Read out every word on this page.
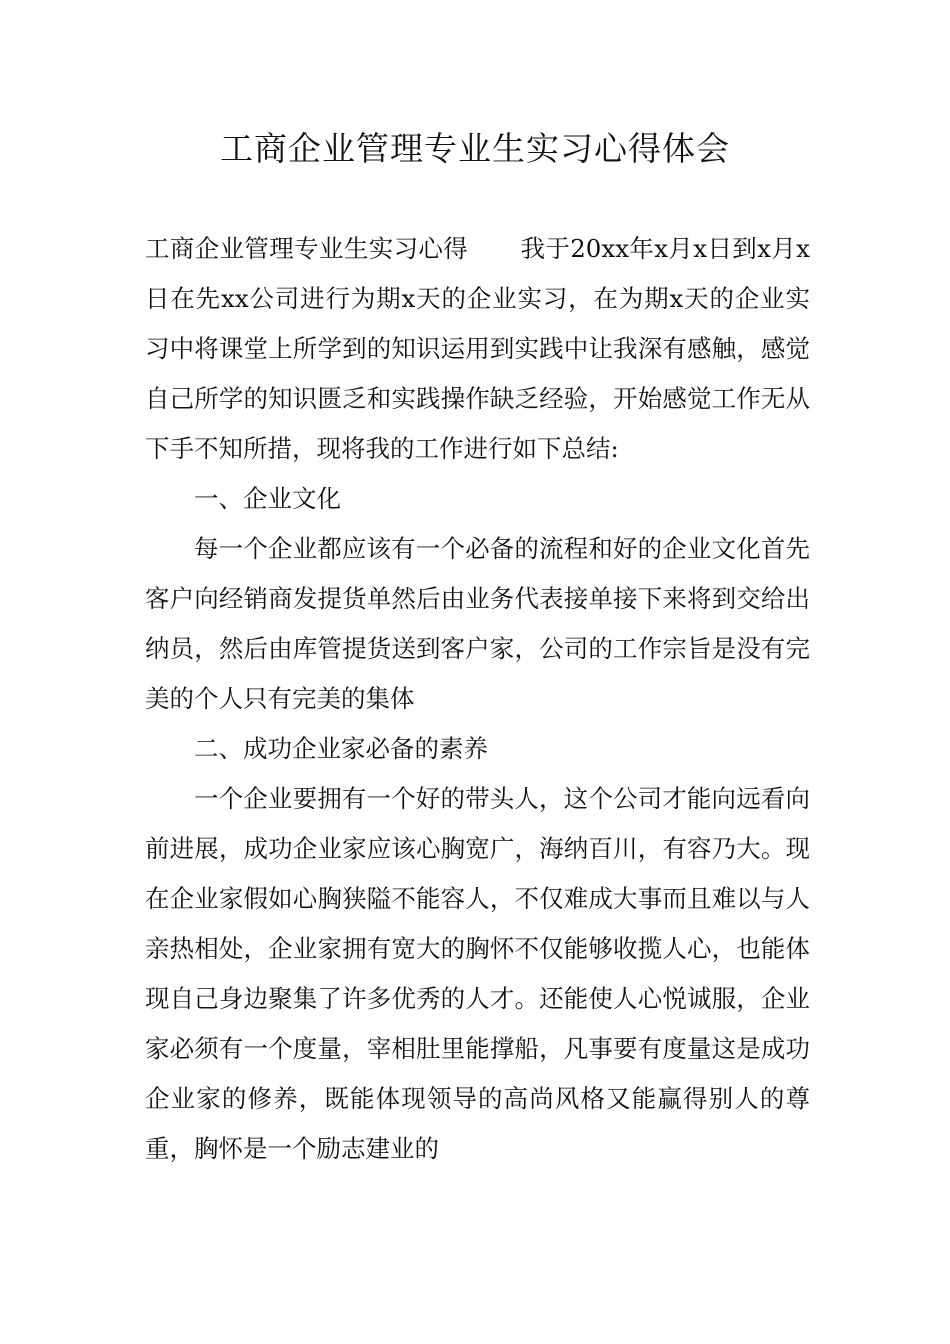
工商企业管理专业生实习心得体会

工商企业管理专业生实习心得 我于20xx年x月x日到x月x日在先xx公司进行为期x天的企业实习，在为期x天的企业实习中将课堂上所学到的知识运用到实践中让我深有感触，感觉自己所学的知识匮乏和实践操作缺乏经验，开始感觉工作无从下手不知所措，现将我的工作进行如下总结:

一、企业文化

每一个企业都应该有一个必备的流程和好的企业文化首先客户向经销商发提货单然后由业务代表接单接下来将到交给出纳员，然后由库管提货送到客户家，公司的工作宗旨是没有完美的个人只有完美的集体

二、成功企业家必备的素养

一个企业要拥有一个好的带头人，这个公司才能向远看向前进展，成功企业家应该心胸宽广，海纳百川，有容乃大。现在企业家假如心胸狭隘不能容人，不仅难成大事而且难以与人亲热相处，企业家拥有宽大的胸怀不仅能够收揽人心，也能体现自己身边聚集了许多优秀的人才。还能使人心悦诚服，企业家必须有一个度量，宰相肚里能撑船，凡事要有度量这是成功企业家的修养，既能体现领导的高尚风格又能赢得别人的尊重，胸怀是一个励志建业的
